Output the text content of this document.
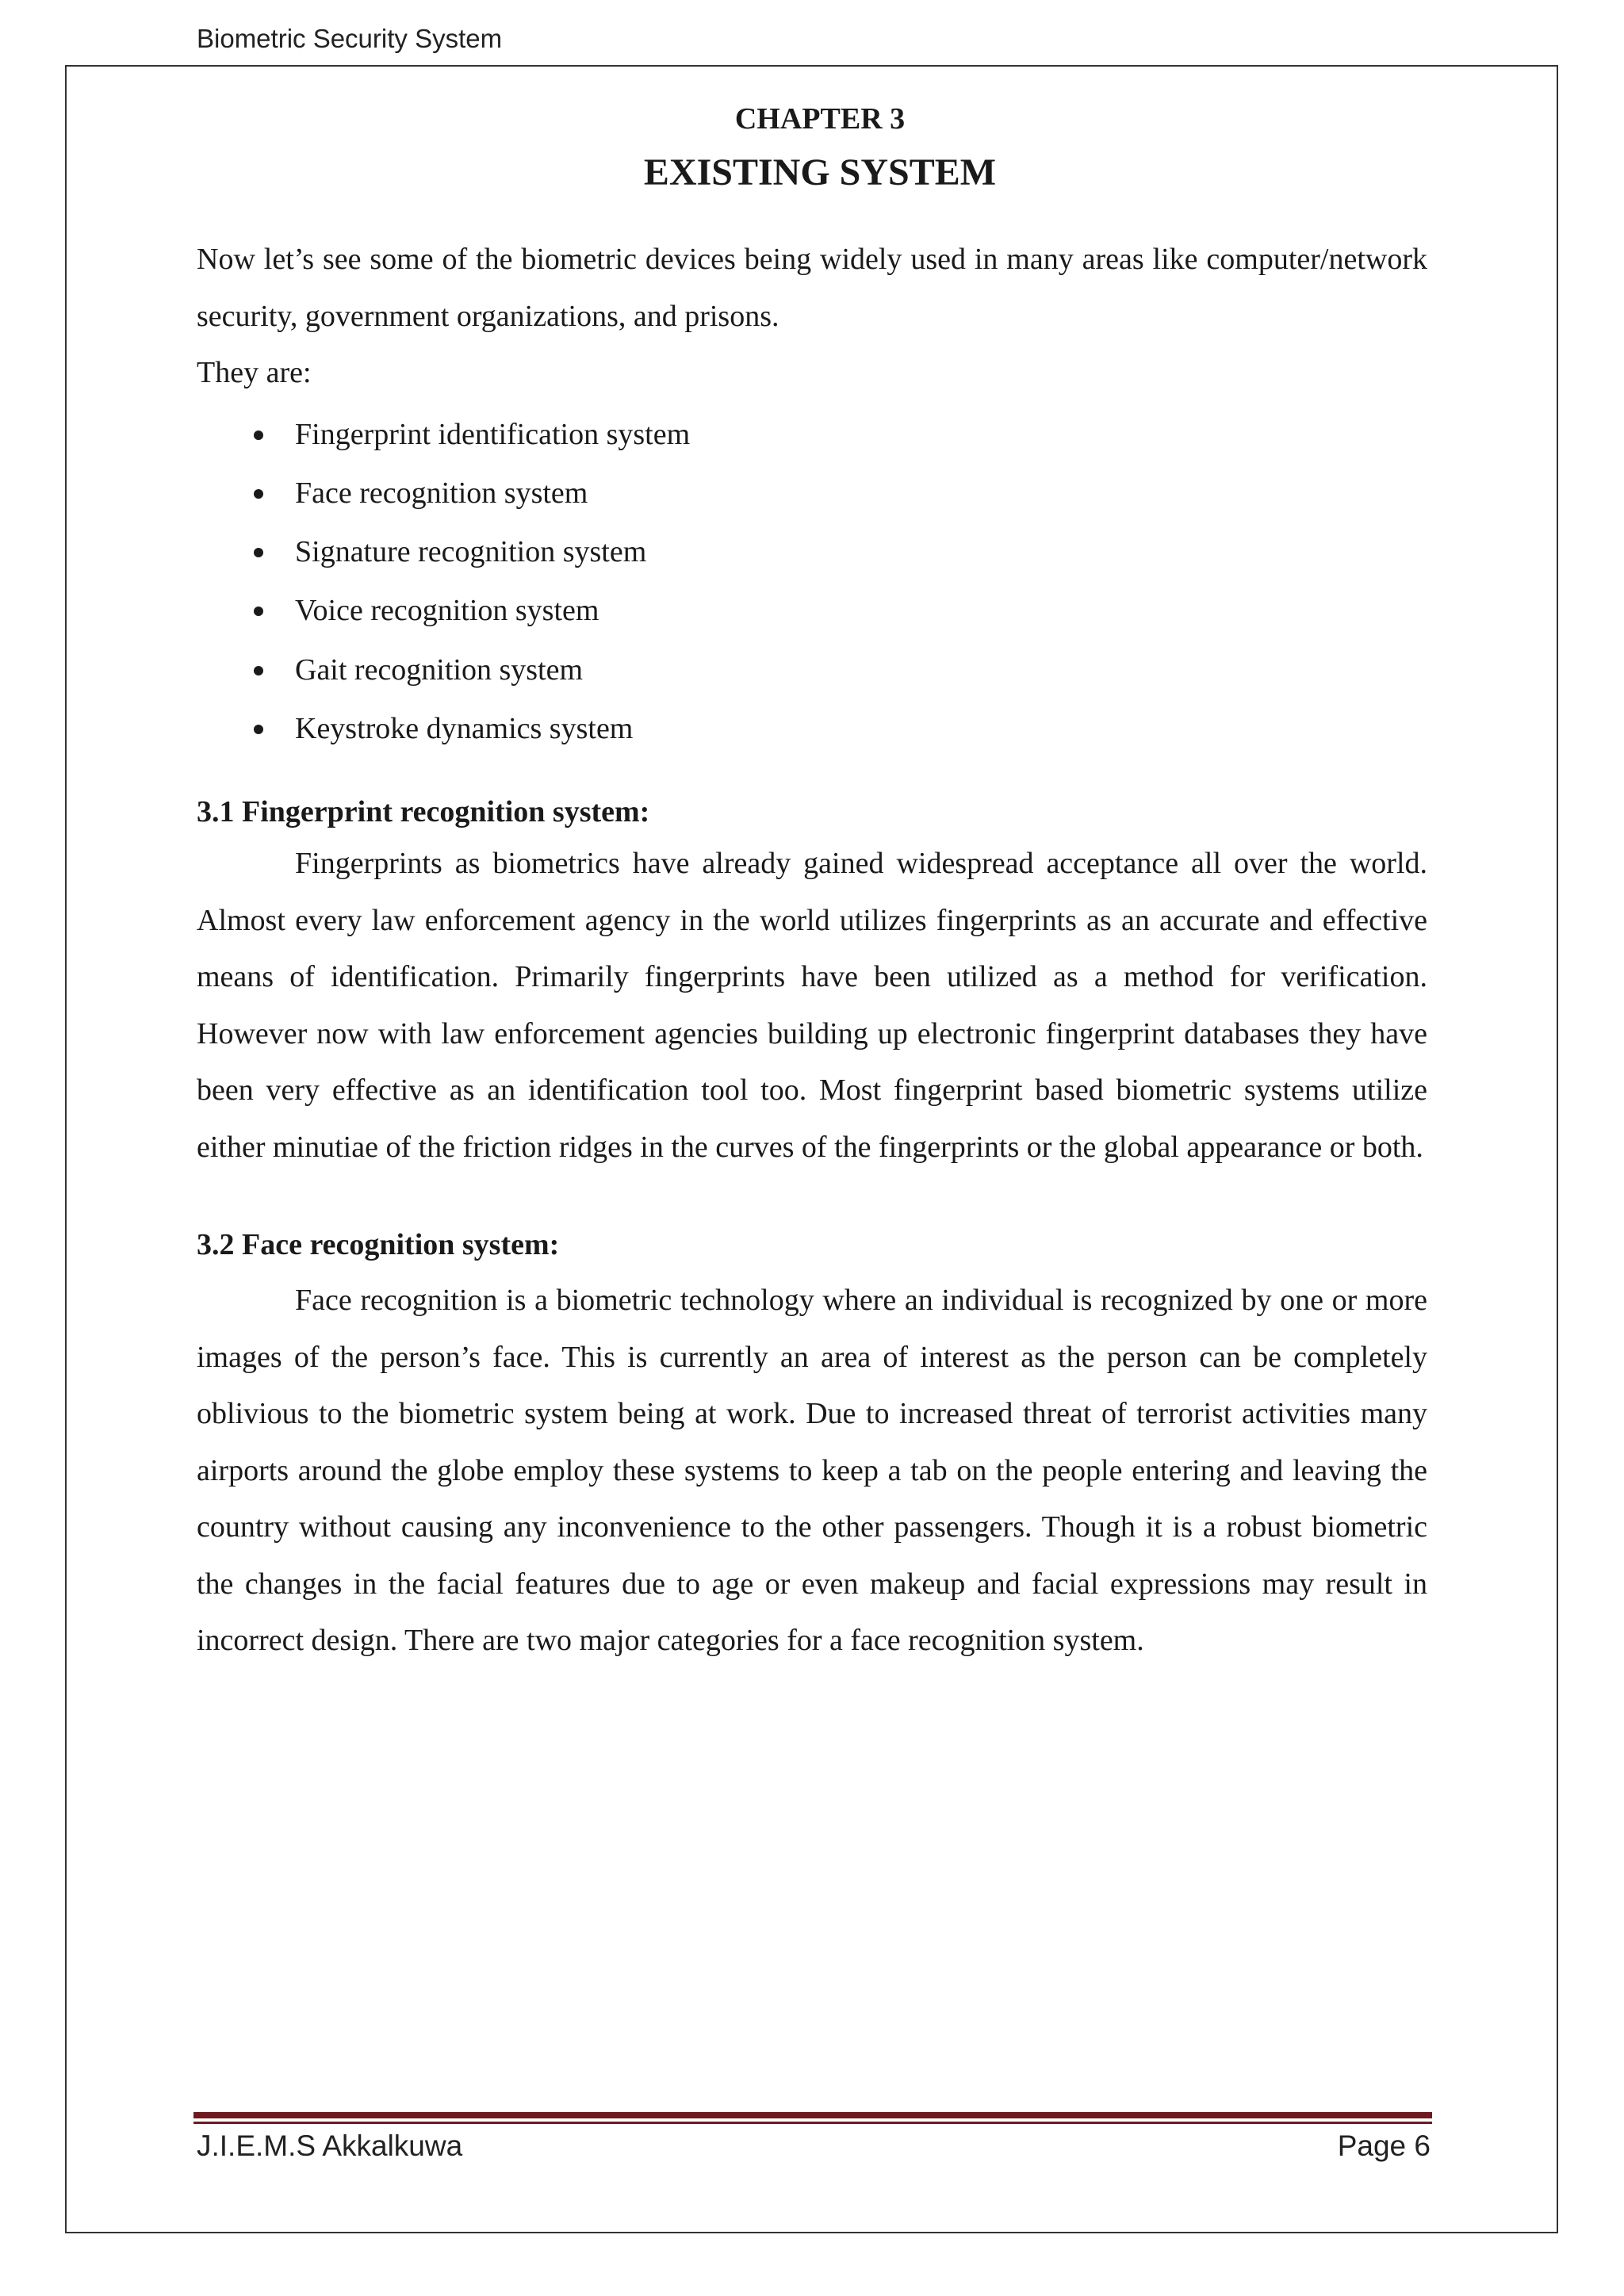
Biometric Security System
CHAPTER 3
EXISTING SYSTEM

Now let’s see some of the biometric devices being widely used in many areas like computer/network security, government organizations, and prisons.

They are:

Fingerprint identification system
Face recognition system
Signature recognition system
Voice recognition system
Gait recognition system
Keystroke dynamics system
3.1 Fingerprint recognition system:

Fingerprints as biometrics have already gained widespread acceptance all over the world. Almost every law enforcement agency in the world utilizes fingerprints as an accurate and effective means of identification. Primarily fingerprints have been utilized as a method for verification. However now with law enforcement agencies building up electronic fingerprint databases they have been very effective as an identification tool too. Most fingerprint based biometric systems utilize either minutiae of the friction ridges in the curves of the fingerprints or the global appearance or both.

3.2 Face recognition system:

Face recognition is a biometric technology where an individual is recognized by one or more images of the person’s face. This is currently an area of interest as the person can be completely oblivious to the biometric system being at work. Due to increased threat of terrorist activities many airports around the globe employ these systems to keep a tab on the people entering and leaving the country without causing any inconvenience to the other passengers. Though it is a robust biometric the changes in the facial features due to age or even makeup and facial expressions may result in incorrect design. There are two major categories for a face recognition system.

J.I.E.M.S Akkalkuwa	Page 6
